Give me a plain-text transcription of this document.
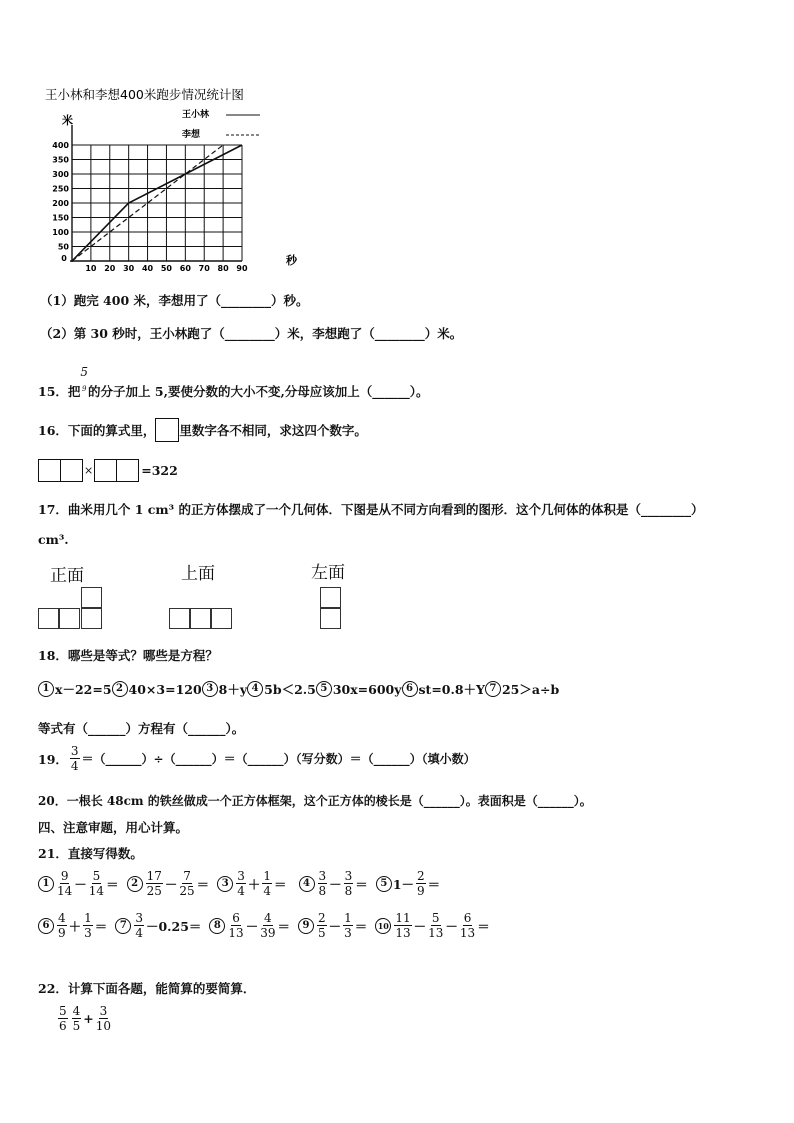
王小林和李想400米跑步情况统计图
米
秒
50
100
150
200
250
300
350
400
0
10 20 30 40 50 60 70 80 90
王小林
李想
（1）跑完 400 米，李想用了（________）秒。
（2）第 30 秒时，王小林跑了（________）米，李想跑了（________）米。
15．把
5
9 的分子加上 5,要使分数的大小不变,分母应该加上（______）。
16．下面的算式里， 里数字各不相同，求这四个数字。
×	=322
17．曲米用几个 1 cm³ 的正方体摆成了一个几何体．下图是从不同方向看到的图形．这个几何体的体积是（________）
cm³.
正面	上面	左面
18．哪些是等式？哪些是方程？
1 x－22=5 2 40×3=120 3 8＋y 4 5b＜2.5 5 30x=600y 6 st=0.8＋Y 7 25＞a÷b
等式有（______）方程有（______）。
19． $\frac{3}{4}$ ＝（______）÷（______）＝（______）（写分数）＝（______）（填小数）
20．一根长 48cm 的铁丝做成一个正方体框架，这个正方体的棱长是（______）。表面积是（______）。
四、注意审题，用心计算。
21．直接写得数。
$1 \frac{9}{14} - \frac{5}{14}$ ＝	$2 \frac{17}{25} - \frac{7}{25}$ ＝	$3 \frac{3}{4} + \frac{1}{4}$ ＝	$4 \frac{3}{8} - \frac{3}{8}$ ＝	5 $1- \frac{2}{9}$ ＝
$6 \frac{4}{9} + \frac{1}{3}$ ＝	$7 \frac{3}{4} -0.25=$	$8 \frac{6}{13} - \frac{4}{39}$ ＝	$9 \frac{2}{5} - \frac{1}{3}$ ＝	$10 \frac{11}{13} - \frac{5}{13} - \frac{6}{13}$ ＝
22．计算下面各题，能简算的要简算．
$\frac{5}{6} \frac{4}{5} + \frac{3}{10}$
